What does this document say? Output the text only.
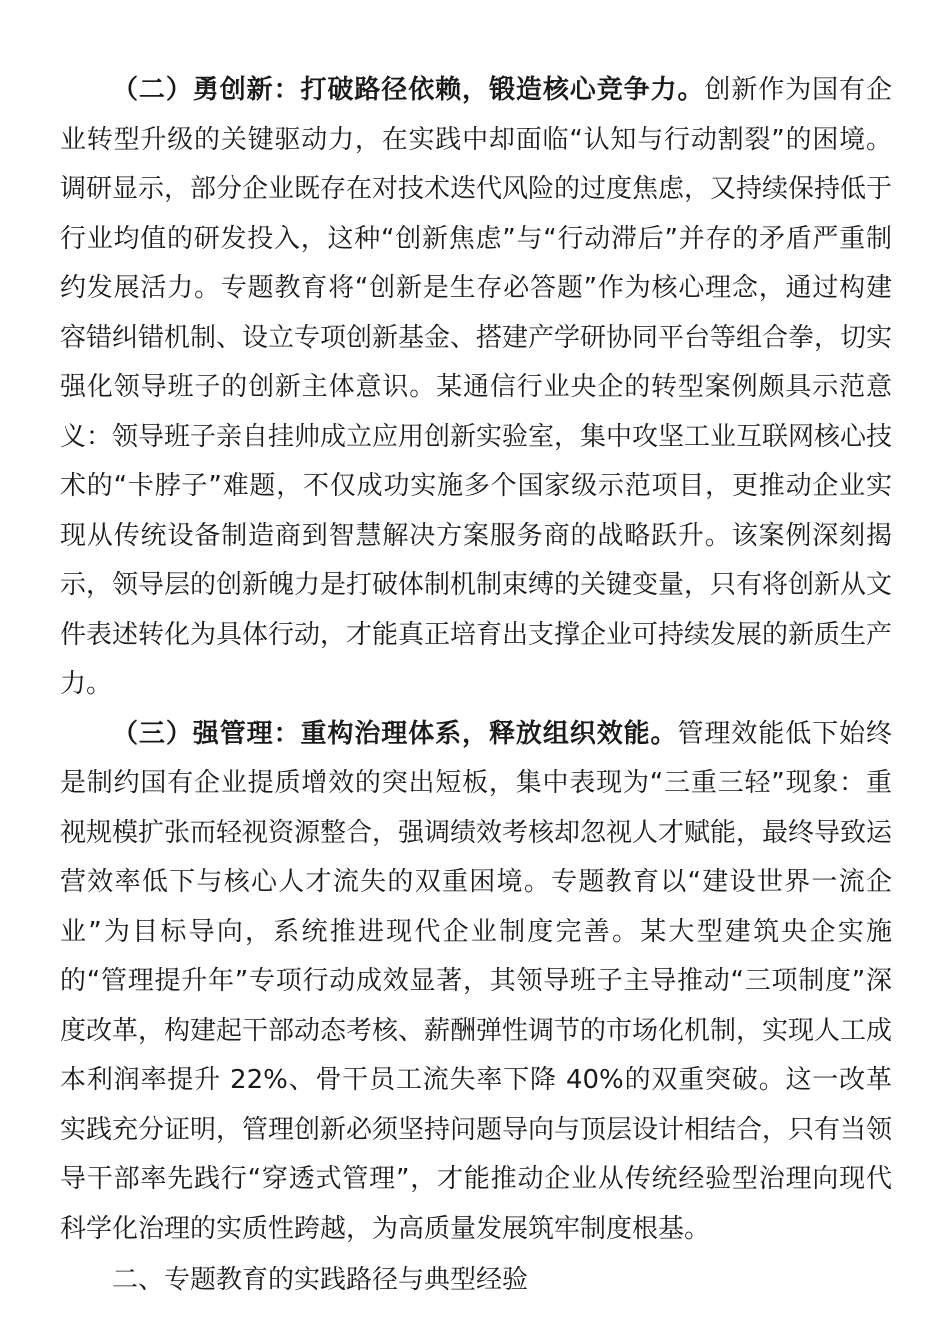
（二）勇创新：打破路径依赖，锻造核心竞争力。创新作为国有企业转型升级的关键驱动力，在实践中却面临“认知与行动割裂”的困境。调研显示，部分企业既存在对技术迭代风险的过度焦虑，又持续保持低于行业均值的研发投入，这种“创新焦虑”与“行动滞后”并存的矛盾严重制约发展活力。专题教育将“创新是生存必答题”作为核心理念，通过构建容错纠错机制、设立专项创新基金、搭建产学研协同平台等组合拳，切实强化领导班子的创新主体意识。某通信行业央企的转型案例颇具示范意义：领导班子亲自挂帅成立应用创新实验室，集中攻坚工业互联网核心技术的“卡脖子”难题，不仅成功实施多个国家级示范项目，更推动企业实现从传统设备制造商到智慧解决方案服务商的战略跃升。该案例深刻揭示，领导层的创新魄力是打破体制机制束缚的关键变量，只有将创新从文件表述转化为具体行动，才能真正培育出支撑企业可持续发展的新质生产力。

（三）强管理：重构治理体系，释放组织效能。管理效能低下始终是制约国有企业提质增效的突出短板，集中表现为“三重三轻”现象：重视规模扩张而轻视资源整合，强调绩效考核却忽视人才赋能，最终导致运营效率低下与核心人才流失的双重困境。专题教育以“建设世界一流企业”为目标导向，系统推进现代企业制度完善。某大型建筑央企实施的“管理提升年”专项行动成效显著，其领导班子主导推动“三项制度”深度改革，构建起干部动态考核、薪酬弹性调节的市场化机制，实现人工成本利润率提升 22%、骨干员工流失率下降 40%的双重突破。这一改革实践充分证明，管理创新必须坚持问题导向与顶层设计相结合，只有当领导干部率先践行“穿透式管理”，才能推动企业从传统经验型治理向现代科学化治理的实质性跨越，为高质量发展筑牢制度根基。

二、专题教育的实践路径与典型经验
